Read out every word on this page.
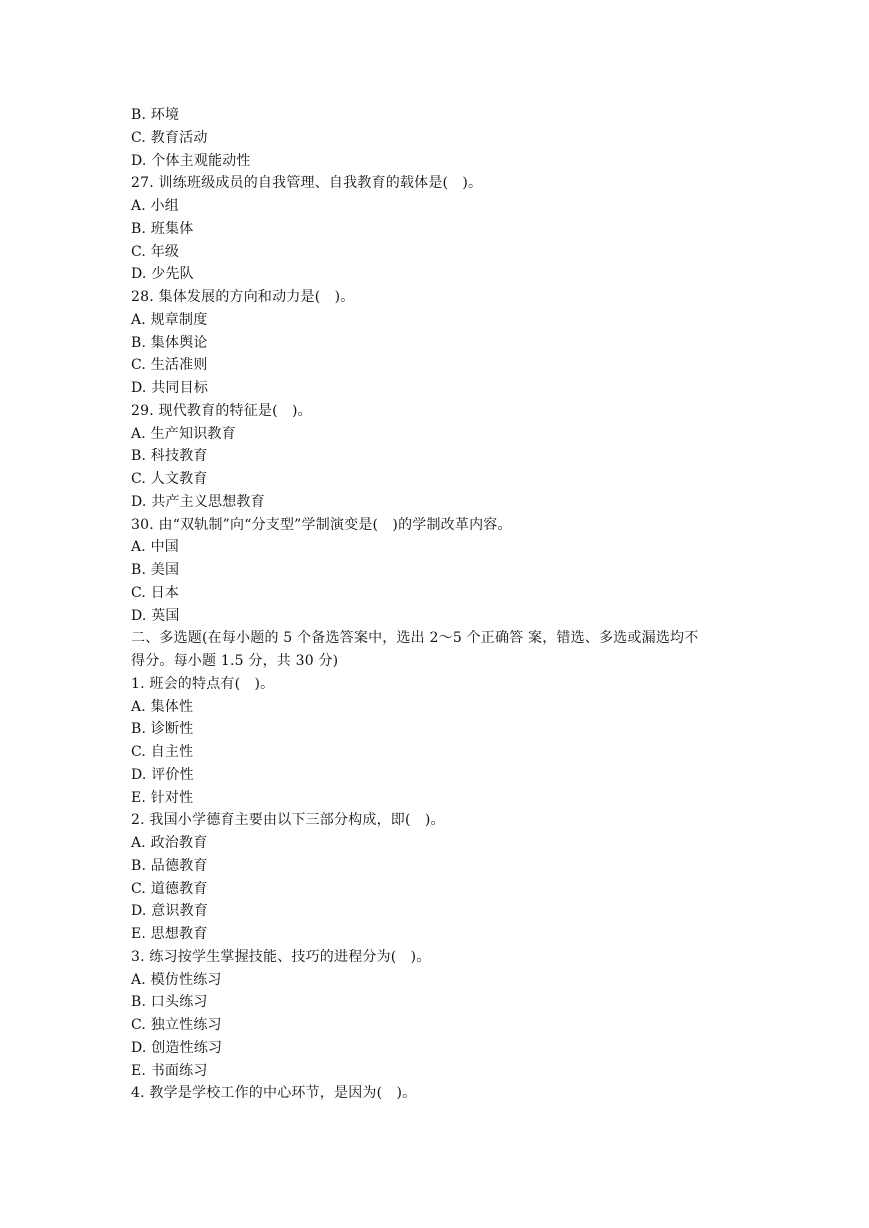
B. 环境
C. 教育活动
D. 个体主观能动性
27. 训练班级成员的自我管理、自我教育的载体是(　)。
A. 小组
B. 班集体
C. 年级
D. 少先队
28. 集体发展的方向和动力是(　)。
A. 规章制度
B. 集体舆论
C. 生活准则
D. 共同目标
29. 现代教育的特征是(　)。
A. 生产知识教育
B. 科技教育
C. 人文教育
D. 共产主义思想教育
30. 由“双轨制”向“分支型”学制演变是(　)的学制改革内容。
A. 中国
B. 美国
C. 日本
D. 英国
二、多选题(在每小题的 5 个备选答案中，选出 2～5 个正确答 案，错选、多选或漏选均不
得分。每小题 1.5 分，共 30 分)
1. 班会的特点有(　)。
A. 集体性
B. 诊断性
C. 自主性
D. 评价性
E. 针对性
2. 我国小学德育主要由以下三部分构成，即(　)。
A. 政治教育
B. 品德教育
C. 道德教育
D. 意识教育
E. 思想教育
3. 练习按学生掌握技能、技巧的进程分为(　)。
A. 模仿性练习
B. 口头练习
C. 独立性练习
D. 创造性练习
E. 书面练习
4. 教学是学校工作的中心环节，是因为(　)。
